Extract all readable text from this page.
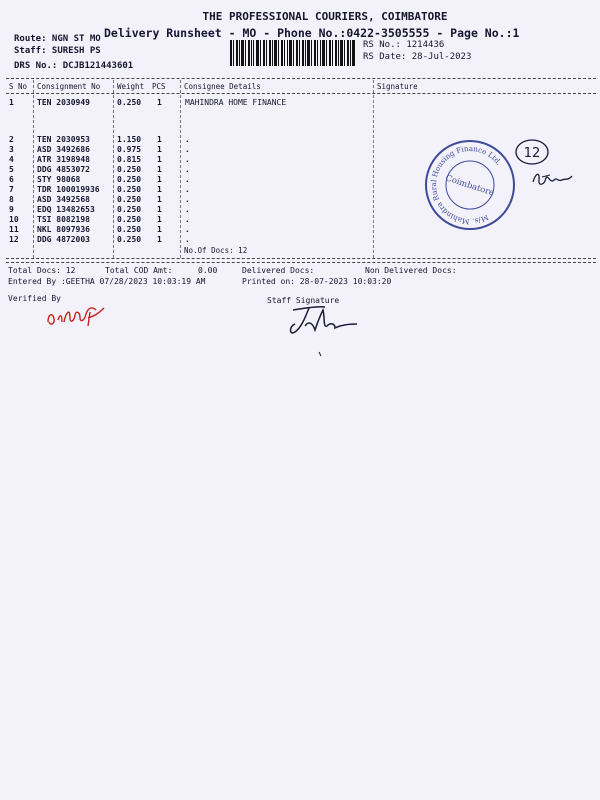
THE PROFESSIONAL COURIERS, COIMBATORE
Delivery Runsheet - MO - Phone No.:0422-3505555 - Page No.:1
Route: NGN ST MO
Staff: SURESH PS
DRS No.: DCJB121443601
RS No.: 1214436
RS Date: 28-Jul-2023
S No Consignment No Weight PCS Consignee Details	Signature
1	TEN 2030949	0.250 1	MAHINDRA HOME FINANCE
2	TEN 2030953	1.150 1	.
3	ASD 3492686	0.975 1	.
4	ATR 3198948	0.815 1	.
5	DDG 4853072	0.250 1	.
6	STY 98068	0.250 1	.
7	TDR 100019936 0.250 1	.
8	ASD 3492568	0.250 1	.
9	EDQ 13482653	0.250 1	.
10 TSI 8082198	0.250 1	.
11 NKL 8097936	0.250 1	.
12 DDG 4872003	0.250 1	.
No.Of Docs: 12
M/s. Mahindra Rural Housing Finance Ltd.
Coimbatore
12
Total Docs: 12	Total COD Amt:	0.00	Delivered Docs:	Non Delivered Docs:
Entered By :GEETHA 07/28/2023 10:03:19 AM	Printed on: 28-07-2023 10:03:20
Verified By	Staff Signature
